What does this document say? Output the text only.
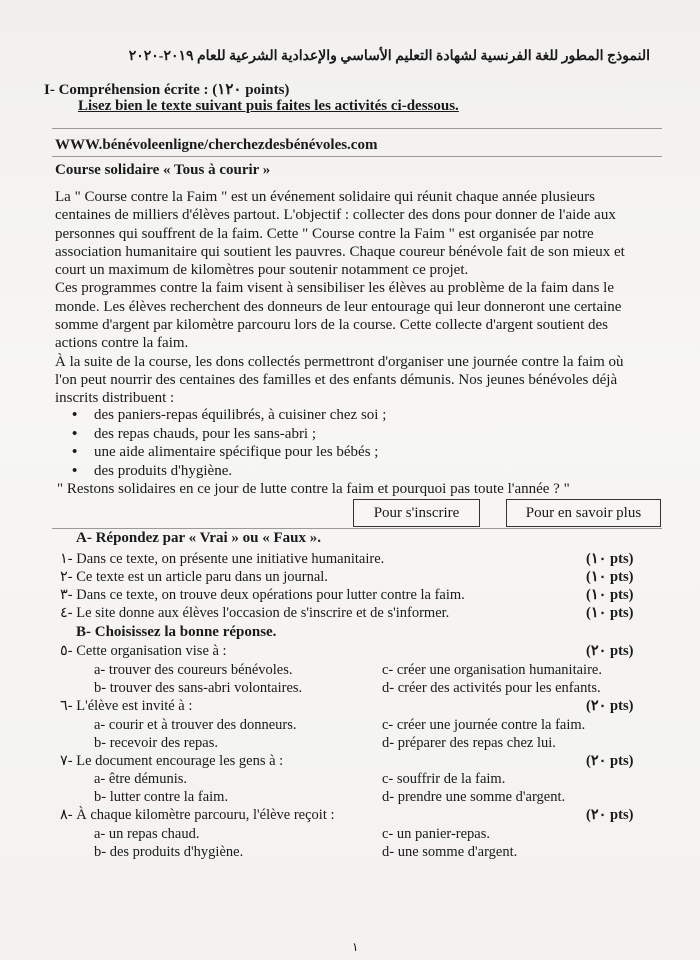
النموذج المطور للغة الفرنسية لشهادة التعليم الأساسي والإعدادية الشرعية للعام ٢٠١٩-٢٠٢٠
I- Compréhension écrite : (١٢٠ points)
Lisez bien le texte suivant puis faites les activités ci-dessous.
WWW.bénévoleenligne/cherchezdesbénévoles.com
Course solidaire « Tous à courir »
La " Course contre la Faim " est un événement solidaire qui réunit chaque année plusieurs
centaines de milliers d'élèves partout. L'objectif : collecter des dons pour donner de l'aide aux
personnes qui souffrent de la faim. Cette " Course contre la Faim " est organisée par notre
association humanitaire qui soutient les pauvres. Chaque coureur bénévole fait de son mieux et
court un maximum de kilomètres pour soutenir notamment ce projet.
Ces programmes contre la faim visent à sensibiliser les élèves au problème de la faim dans le
monde. Les élèves recherchent des donneurs de leur entourage qui leur donneront une certaine
somme d'argent par kilomètre parcouru lors de la course. Cette collecte d'argent soutient des
actions contre la faim.
À la suite de la course, les dons collectés permettront d'organiser une journée contre la faim où
l'on peut nourrir des centaines des familles et des enfants démunis. Nos jeunes bénévoles déjà
inscrits distribuent :
• des paniers-repas équilibrés, à cuisiner chez soi ;
• des repas chauds, pour les sans-abri ;
• une aide alimentaire spécifique pour les bébés ;
• des produits d'hygiène.
" Restons solidaires en ce jour de lutte contre la faim et pourquoi pas toute l'année ? "
Pour s'inscrire	Pour en savoir plus
A- Répondez par « Vrai » ou « Faux ».
١- Dans ce texte, on présente une initiative humanitaire.	(١٠ pts)
٢- Ce texte est un article paru dans un journal.	(١٠ pts)
٣- Dans ce texte, on trouve deux opérations pour lutter contre la faim.	(١٠ pts)
٤- Le site donne aux élèves l'occasion de s'inscrire et de s'informer.	(١٠ pts)
B- Choisissez la bonne réponse.
٥- Cette organisation vise à :	(٢٠ pts)
a- trouver des coureurs bénévoles.	c- créer une organisation humanitaire.
b- trouver des sans-abri volontaires.	d- créer des activités pour les enfants.
٦- L'élève est invité à :	(٢٠ pts)
a- courir et à trouver des donneurs.	c- créer une journée contre la faim.
b- recevoir des repas.	d- préparer des repas chez lui.
٧- Le document encourage les gens à :	(٢٠ pts)
a- être démunis.	c- souffrir de la faim.
b- lutter contre la faim.	d- prendre une somme d'argent.
٨- À chaque kilomètre parcouru, l'élève reçoit :	(٢٠ pts)
a- un repas chaud.	c- un panier-repas.
b- des produits d'hygiène.	d- une somme d'argent.
١
